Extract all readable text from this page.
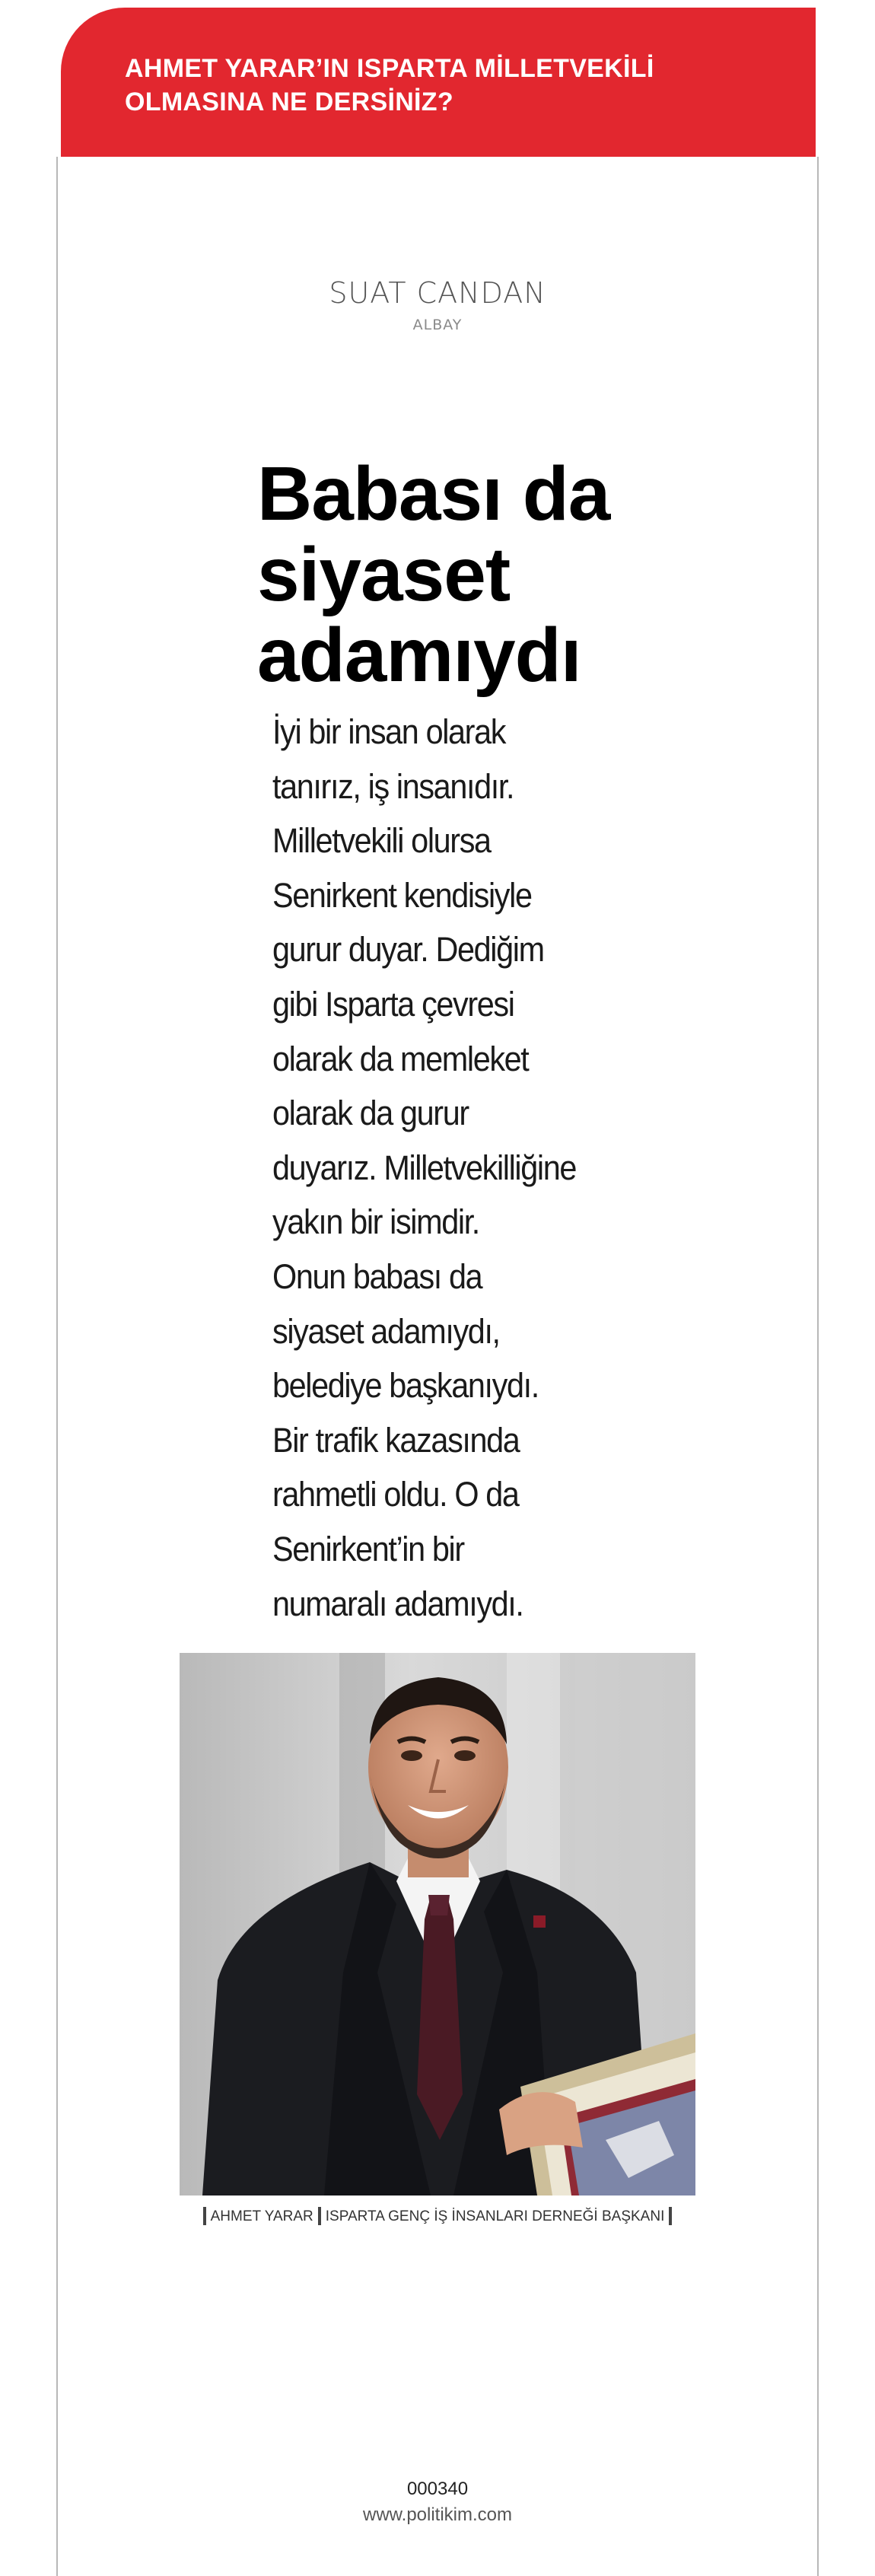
AHMET YARAR’IN ISPARTA MİLLETVEKİLİ
OLMASINA NE DERSİNİZ?
SUAT CANDAN
ALBAY
Babası da
siyaset
adamıydı

İyi bir insan olarak
tanırız, iş insanıdır.
Milletvekili olursa
Senirkent kendisiyle
gurur duyar. Dediğim
gibi Isparta çevresi
olarak da memleket
olarak da gurur
duyarız. Milletvekilliğine
yakın bir isimdir.
Onun babası da
siyaset adamıydı,
belediye başkanıydı.
Bir trafik kazasında
rahmetli oldu. O da
Senirkent’in bir
numaralı adamıydı.

AHMET YARAR ISPARTA GENÇ İŞ İNSANLARI DERNEĞİ BAŞKANI
000340
www.politikim.com
